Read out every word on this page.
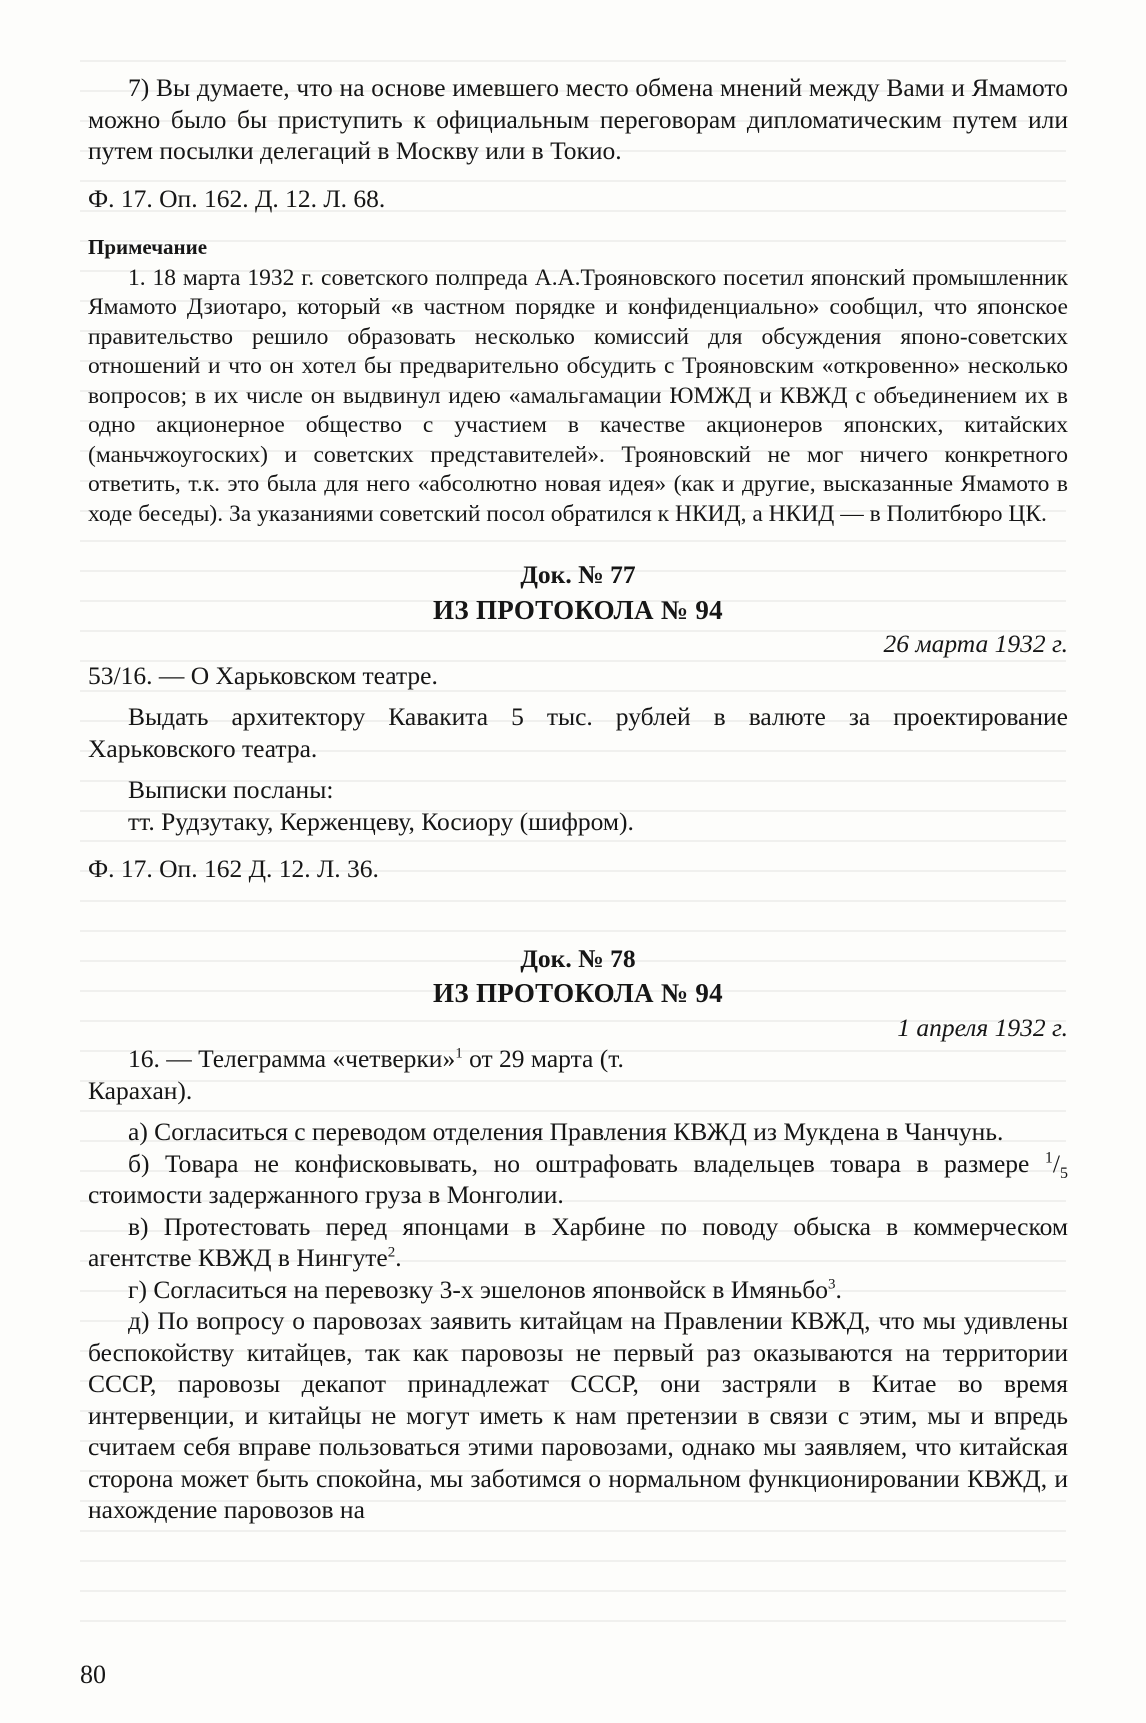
7) Вы думаете, что на основе имевшего место обмена мнений между Вами и Ямамото можно было бы приступить к официальным переговорам дипломатическим путем или путем посылки делегаций в Москву или в Токио.

Ф. 17. Оп. 162. Д. 12. Л. 68.

Примечание

1. 18 марта 1932 г. советского полпреда А.А.Трояновского посетил японский промышленник Ямамото Дзиотаро, который «в частном порядке и конфиденциально» сообщил, что японское правительство решило образовать несколько комиссий для обсуждения японо-советских отношений и что он хотел бы предварительно обсудить с Трояновским «откровенно» несколько вопросов; в их числе он выдвинул идею «амальгамации ЮМЖД и КВЖД с объединением их в одно акционерное общество с участием в качестве акционеров японских, китайских (маньчжоугоских) и советских представителей». Трояновский не мог ничего конкретного ответить, т.к. это была для него «абсолютно новая идея» (как и другие, высказанные Ямамото в ходе беседы). За указаниями советский посол обратился к НКИД, а НКИД — в Политбюро ЦК.

Док. № 77

ИЗ ПРОТОКОЛА № 94

26 марта 1932 г.

53/16. — О Харьковском театре.

Выдать архитектору Кавакита 5 тыс. рублей в валюте за проектирование Харьковского театра.

Выписки посланы:

тт. Рудзутаку, Керженцеву, Косиору (шифром).

Ф. 17. Оп. 162 Д. 12. Л. 36.

Док. № 78

ИЗ ПРОТОКОЛА № 94

1 апреля 1932 г.

16. — Телеграмма «четверки»$^1$ от 29 марта (т. Карахан).

а) Согласиться с переводом отделения Правления КВЖД из Мукдена в Чанчунь.

б) Товара не конфисковывать, но оштрафовать владельцев товара в размере $^1/_5$ стоимости задержанного груза в Монголии.

в) Протестовать перед японцами в Харбине по поводу обыска в коммерческом агентстве КВЖД в Нингуте$^2$.

г) Согласиться на перевозку 3-х эшелонов японвойск в Имяньбо$^3$.

д) По вопросу о паровозах заявить китайцам на Правлении КВЖД, что мы удивлены беспокойству китайцев, так как паровозы не первый раз оказываются на территории СССР, паровозы декапот принадлежат СССР, они застряли в Китае во время интервенции, и китайцы не могут иметь к нам претензии в связи с этим, мы и впредь считаем себя вправе пользоваться этими паровозами, однако мы заявляем, что китайская сторона может быть спокойна, мы заботимся о нормальном функционировании КВЖД, и нахождение паровозов на

80
